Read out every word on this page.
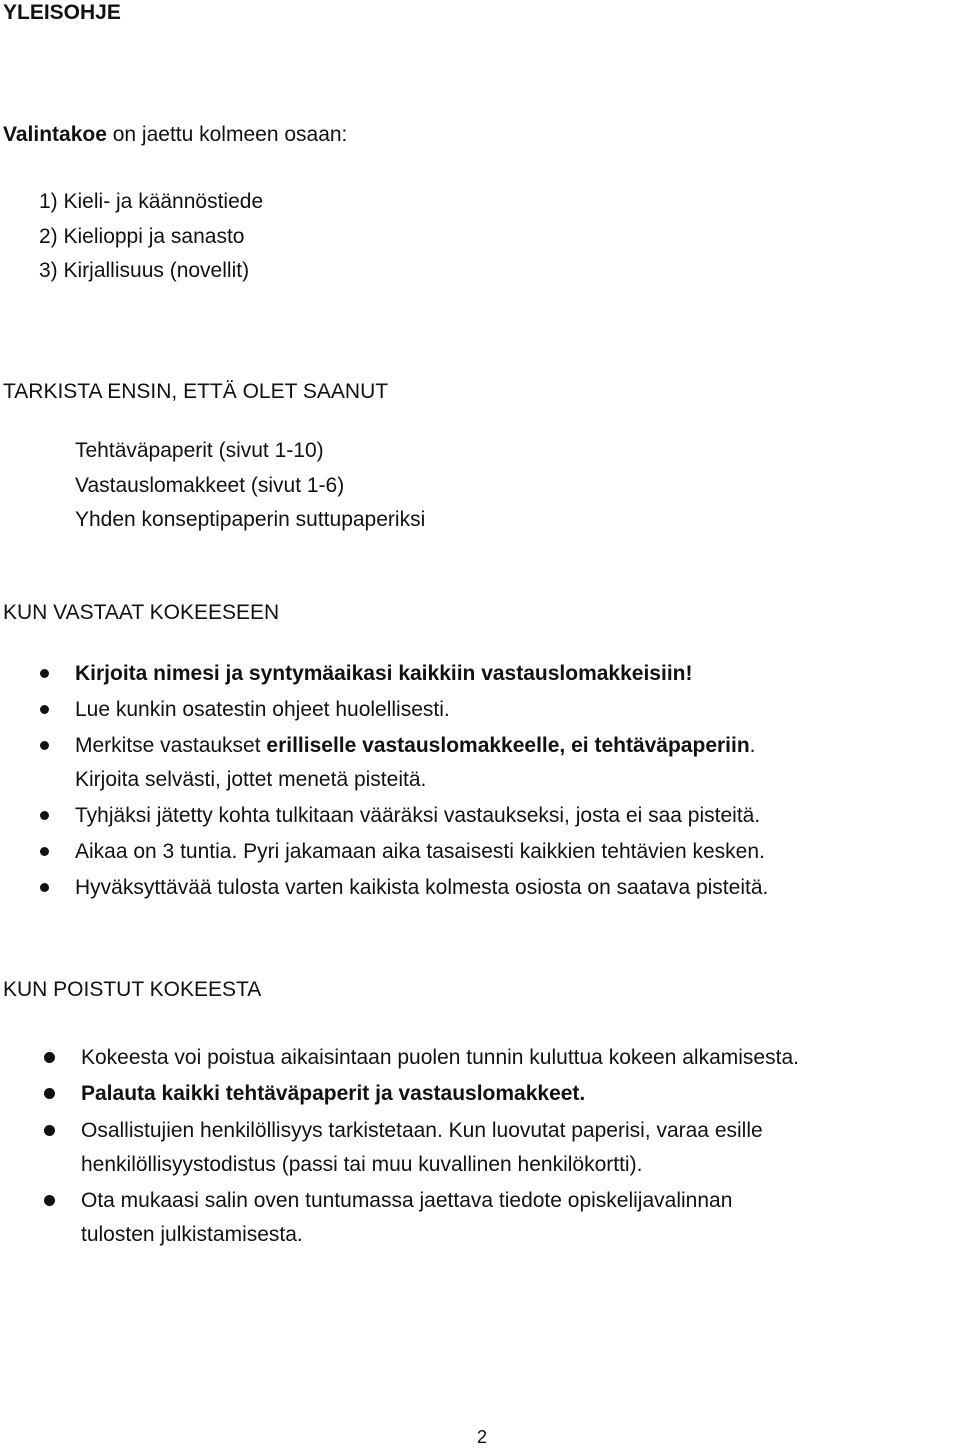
YLEISOHJE
Valintakoe on jaettu kolmeen osaan:
1) Kieli- ja käännöstiede
2) Kielioppi ja sanasto
3) Kirjallisuus (novellit)
TARKISTA ENSIN, ETTÄ OLET SAANUT
Tehtäväpaperit (sivut 1-10)
Vastauslomakkeet (sivut 1-6)
Yhden konseptipaperin suttupaperiksi
KUN VASTAAT KOKEESEEN
Kirjoita nimesi ja syntymäaikasi kaikkiin vastauslomakkeisiin!
Lue kunkin osatestin ohjeet huolellisesti.
Merkitse vastaukset erilliselle vastauslomakkeelle, ei tehtäväpaperiin.
Kirjoita selvästi, jottet menetä pisteitä.
Tyhjäksi jätetty kohta tulkitaan vääräksi vastaukseksi, josta ei saa pisteitä.
Aikaa on 3 tuntia. Pyri jakamaan aika tasaisesti kaikkien tehtävien kesken.
Hyväksyttävää tulosta varten kaikista kolmesta osiosta on saatava pisteitä.
KUN POISTUT KOKEESTA
Kokeesta voi poistua aikaisintaan puolen tunnin kuluttua kokeen alkamisesta.
Palauta kaikki tehtäväpaperit ja vastauslomakkeet.
Osallistujien henkilöllisyys tarkistetaan. Kun luovutat paperisi, varaa esille
henkilöllisyystodistus (passi tai muu kuvallinen henkilökortti).
Ota mukaasi salin oven tuntumassa jaettava tiedote opiskelijavalinnan
tulosten julkistamisesta.
2
